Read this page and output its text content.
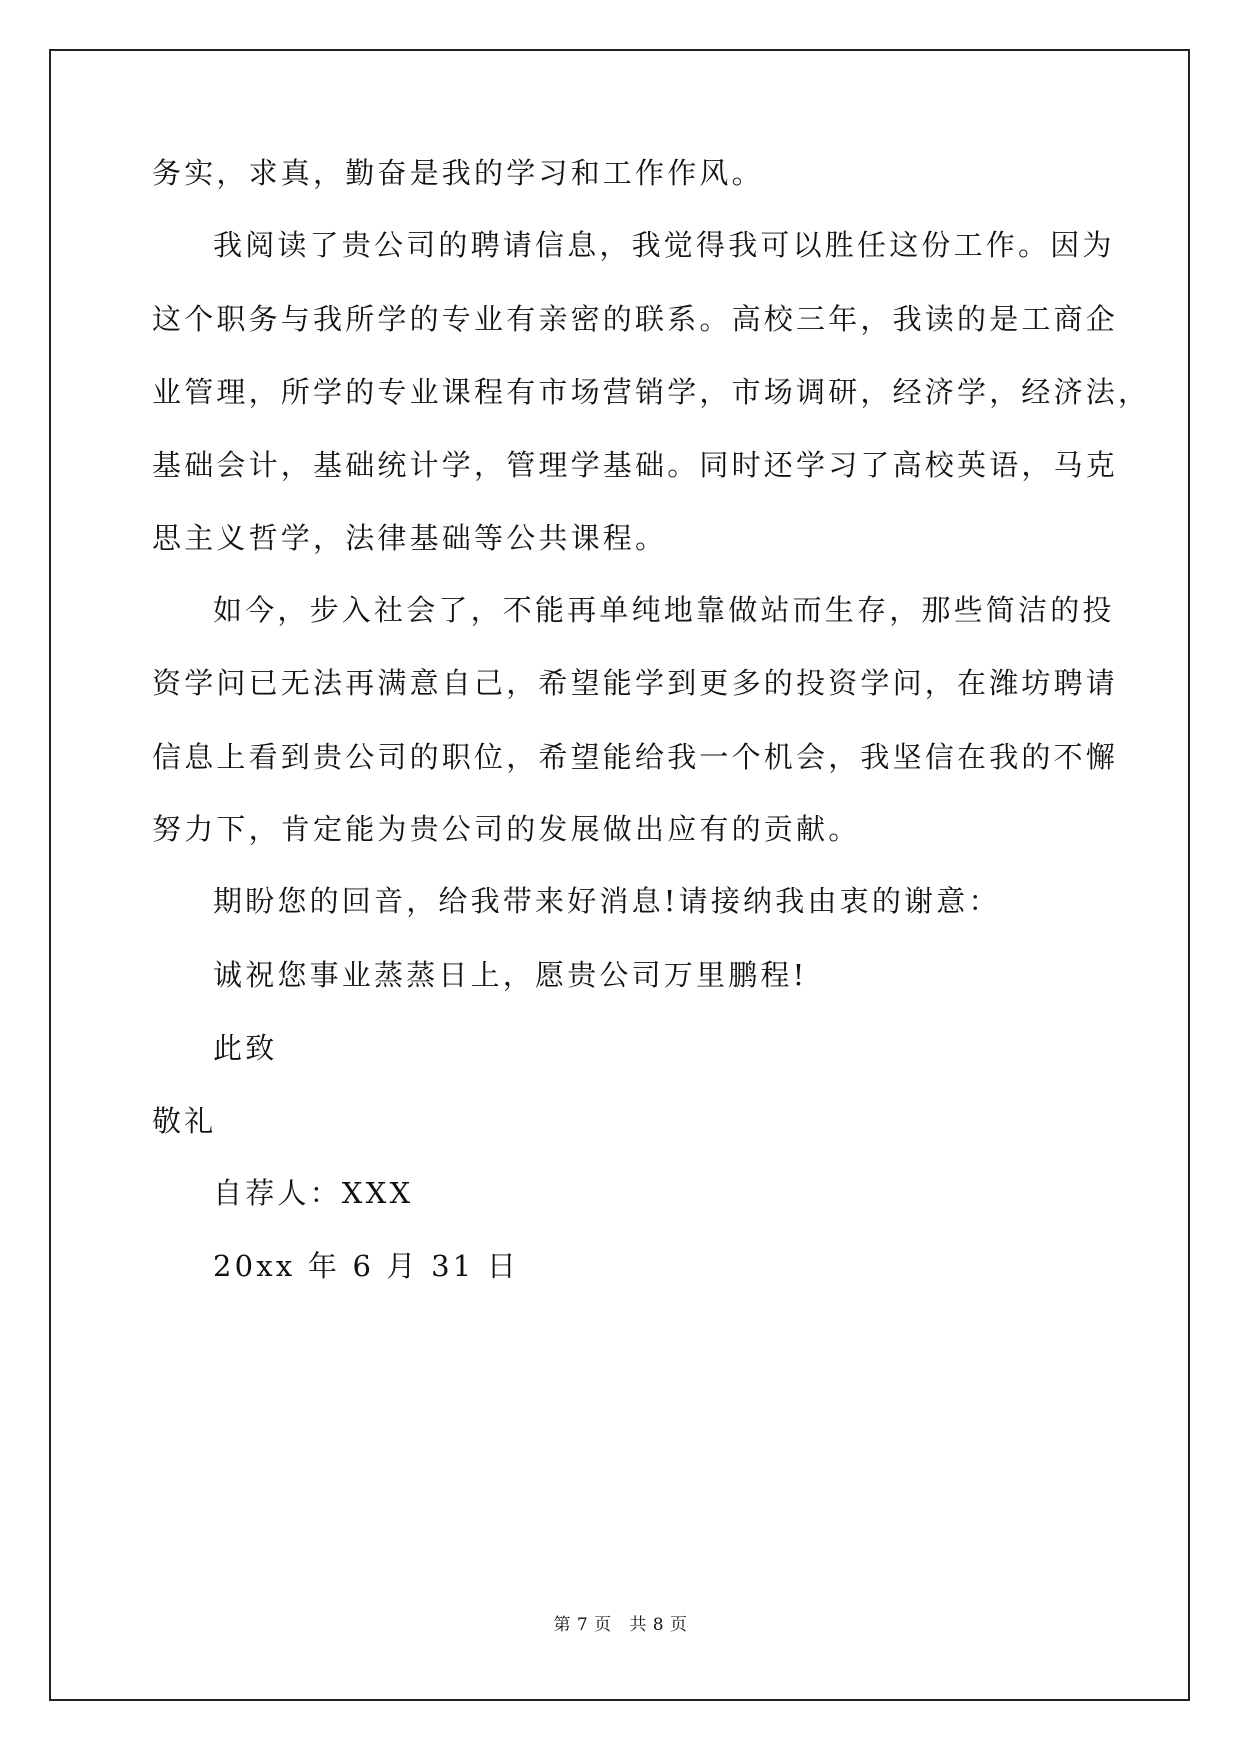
务实，求真，勤奋是我的学习和工作作风。
我阅读了贵公司的聘请信息，我觉得我可以胜任这份工作。因为
这个职务与我所学的专业有亲密的联系。高校三年，我读的是工商企
业管理，所学的专业课程有市场营销学，市场调研，经济学，经济法，
基础会计，基础统计学，管理学基础。同时还学习了高校英语，马克
思主义哲学，法律基础等公共课程。
如今，步入社会了，不能再单纯地靠做站而生存，那些简洁的投
资学问已无法再满意自己，希望能学到更多的投资学问，在潍坊聘请
信息上看到贵公司的职位，希望能给我一个机会，我坚信在我的不懈
努力下，肯定能为贵公司的发展做出应有的贡献。
期盼您的回音，给我带来好消息!请接纳我由衷的谢意：
诚祝您事业蒸蒸日上，愿贵公司万里鹏程!
此致
敬礼
自荐人：XXX
20xx 年 6 月 31 日
第 7 页   共 8 页
